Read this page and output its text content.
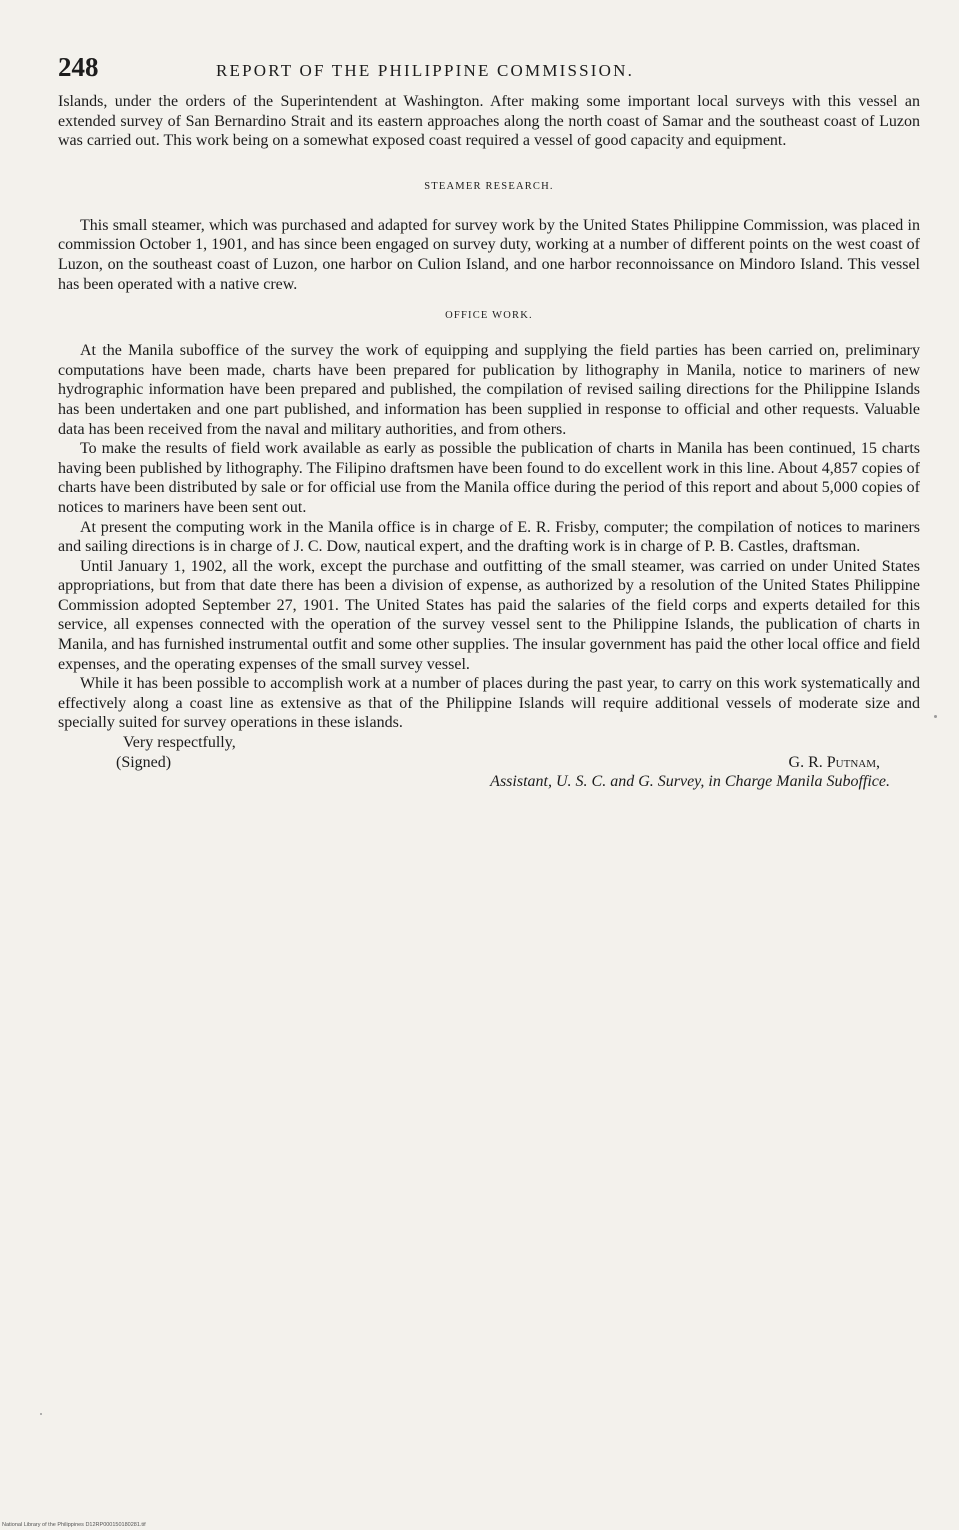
248	REPORT OF THE PHILIPPINE COMMISSION.

Islands, under the orders of the Superintendent at Washington. After making some important local surveys with this vessel an extended survey of San Bernardino Strait and its eastern approaches along the north coast of Samar and the southeast coast of Luzon was carried out. This work being on a somewhat exposed coast required a vessel of good capacity and equipment.

STEAMER RESEARCH.

This small steamer, which was purchased and adapted for survey work by the United States Philippine Commission, was placed in commission October 1, 1901, and has since been engaged on survey duty, working at a number of different points on the west coast of Luzon, on the southeast coast of Luzon, one harbor on Culion Island, and one harbor reconnoissance on Mindoro Island. This vessel has been operated with a native crew.

OFFICE WORK.

At the Manila suboffice of the survey the work of equipping and supplying the field parties has been carried on, preliminary computations have been made, charts have been prepared for publication by lithography in Manila, notice to mariners of new hydrographic information have been prepared and published, the compilation of revised sailing directions for the Philippine Islands has been undertaken and one part published, and information has been supplied in response to official and other requests. Valuable data has been received from the naval and military authorities, and from others.

To make the results of field work available as early as possible the publication of charts in Manila has been continued, 15 charts having been published by lithography. The Filipino draftsmen have been found to do excellent work in this line. About 4,857 copies of charts have been distributed by sale or for official use from the Manila office during the period of this report and about 5,000 copies of notices to mariners have been sent out.

At present the computing work in the Manila office is in charge of E. R. Frisby, computer; the compilation of notices to mariners and sailing directions is in charge of J. C. Dow, nautical expert, and the drafting work is in charge of P. B. Castles, draftsman.

Until January 1, 1902, all the work, except the purchase and outfitting of the small steamer, was carried on under United States appropriations, but from that date there has been a division of expense, as authorized by a resolution of the United States Philippine Commission adopted September 27, 1901. The United States has paid the salaries of the field corps and experts detailed for this service, all expenses connected with the operation of the survey vessel sent to the Philippine Islands, the publication of charts in Manila, and has furnished instrumental outfit and some other supplies. The insular government has paid the other local office and field expenses, and the operating expenses of the small survey vessel.

While it has been possible to accomplish work at a number of places during the past year, to carry on this work systematically and effectively along a coast line as extensive as that of the Philippine Islands will require additional vessels of moderate size and specially suited for survey operations in these islands.

Very respectfully,
(Signed)	G. R. Putnam,
Assistant, U. S. C. and G. Survey, in Charge Manila Suboffice.
National Library of the Philippines D12RP000150180281.tif
